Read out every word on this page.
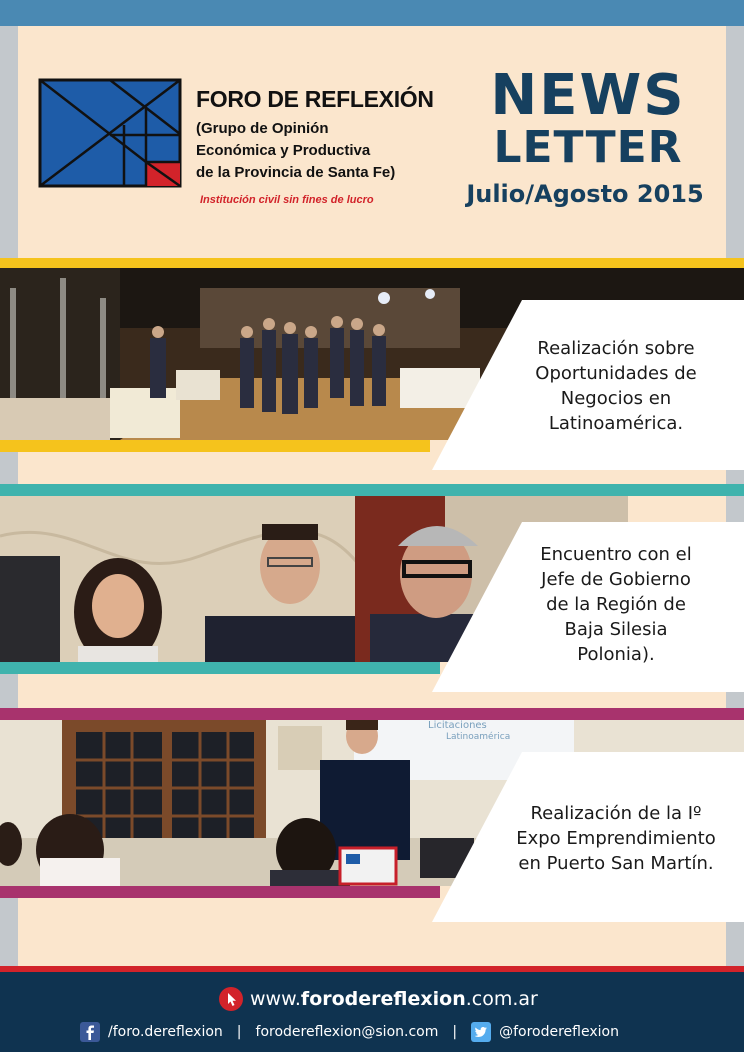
FORO DE REFLEXIÓN
(Grupo de Opinión
Económica y Productiva
de la Provincia de Santa Fe)
Institución civil sin fines de lucro
NEWS
LETTER
Julio/Agosto 2015
Realización sobre
Oportunidades de
Negocios en
Latinoamérica.
Encuentro con el
Jefe de Gobierno
de la Región de
Baja Silesia
Polonia).
Licitaciones
Latinoamérica
Realización de la Iº
Expo Emprendimiento
en Puerto San Martín.
www.forodereflexion.com.ar
/foro.dereflexion | forodereflexion@sion.com |	@forodereflexion
